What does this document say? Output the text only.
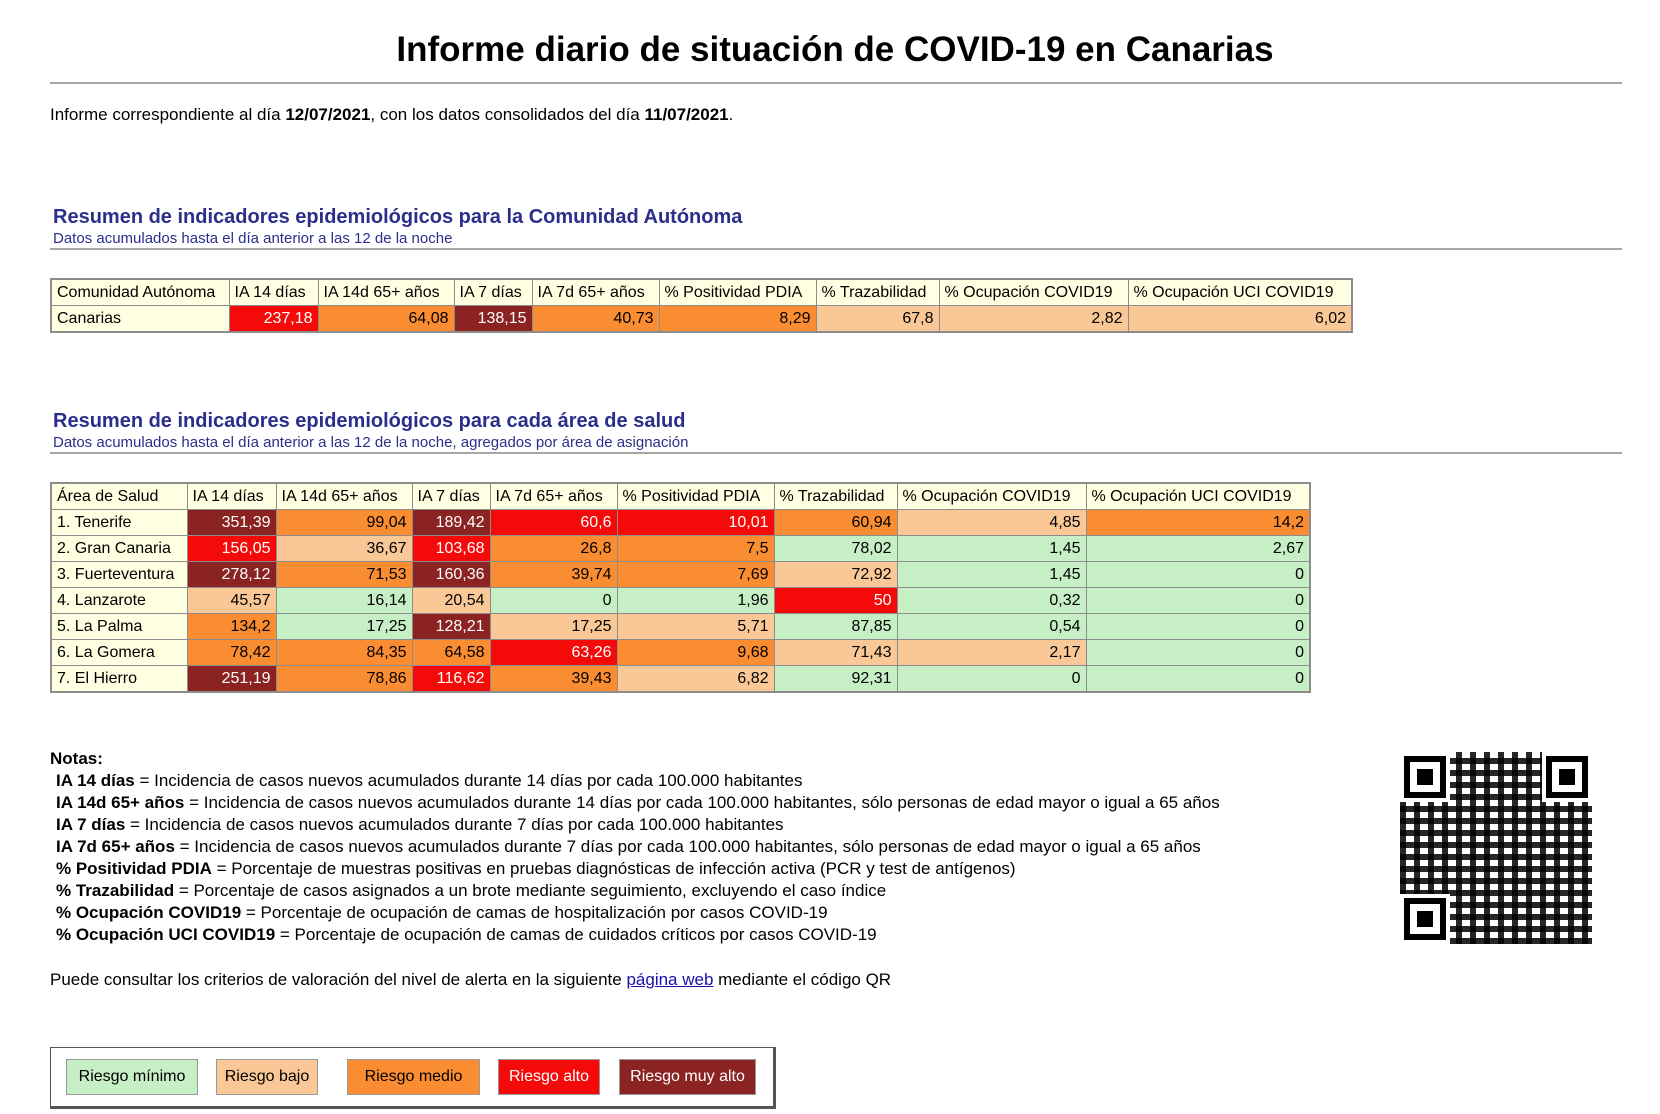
Informe diario de situación de COVID-19 en Canarias
Informe correspondiente al día 12/07/2021, con los datos consolidados del día 11/07/2021.
Resumen de indicadores epidemiológicos para la Comunidad Autónoma
Datos acumulados hasta el día anterior a las 12 de la noche
Comunidad Autónoma	IA 14 días	IA 14d 65+ años	IA 7 días	IA 7d 65+ años	% Positividad PDIA	% Trazabilidad	% Ocupación COVID19	% Ocupación UCI COVID19
Canarias	237,18	64,08	138,15	40,73	8,29	67,8	2,82	6,02
Resumen de indicadores epidemiológicos para cada área de salud
Datos acumulados hasta el día anterior a las 12 de la noche, agregados por área de asignación
Área de Salud	IA 14 días	IA 14d 65+ años	IA 7 días	IA 7d 65+ años	% Positividad PDIA	% Trazabilidad	% Ocupación COVID19	% Ocupación UCI COVID19
1. Tenerife	351,39	99,04	189,42	60,6	10,01	60,94	4,85	14,2
2. Gran Canaria	156,05	36,67	103,68	26,8	7,5	78,02	1,45	2,67
3. Fuerteventura	278,12	71,53	160,36	39,74	7,69	72,92	1,45	0
4. Lanzarote	45,57	16,14	20,54	0	1,96	50	0,32	0
5. La Palma	134,2	17,25	128,21	17,25	5,71	87,85	0,54	0
6. La Gomera	78,42	84,35	64,58	63,26	9,68	71,43	2,17	0
7. El Hierro	251,19	78,86	116,62	39,43	6,82	92,31	0	0
Notas:
IA 14 días = Incidencia de casos nuevos acumulados durante 14 días por cada 100.000 habitantes
IA 14d 65+ años = Incidencia de casos nuevos acumulados durante 14 días por cada 100.000 habitantes, sólo personas de edad mayor o igual a 65 años
IA 7 días = Incidencia de casos nuevos acumulados durante 7 días por cada 100.000 habitantes
IA 7d 65+ años = Incidencia de casos nuevos acumulados durante 7 días por cada 100.000 habitantes, sólo personas de edad mayor o igual a 65 años
% Positividad PDIA = Porcentaje de muestras positivas en pruebas diagnósticas de infección activa (PCR y test de antígenos)
% Trazabilidad = Porcentaje de casos asignados a un brote mediante seguimiento, excluyendo el caso índice
% Ocupación COVID19 = Porcentaje de ocupación de camas de hospitalización por casos COVID-19
% Ocupación UCI COVID19 = Porcentaje de ocupación de camas de cuidados críticos por casos COVID-19
Puede consultar los criterios de valoración del nivel de alerta en la siguiente página web mediante el código QR
Riesgo mínimo	Riesgo bajo	Riesgo medio	Riesgo alto	Riesgo muy alto
